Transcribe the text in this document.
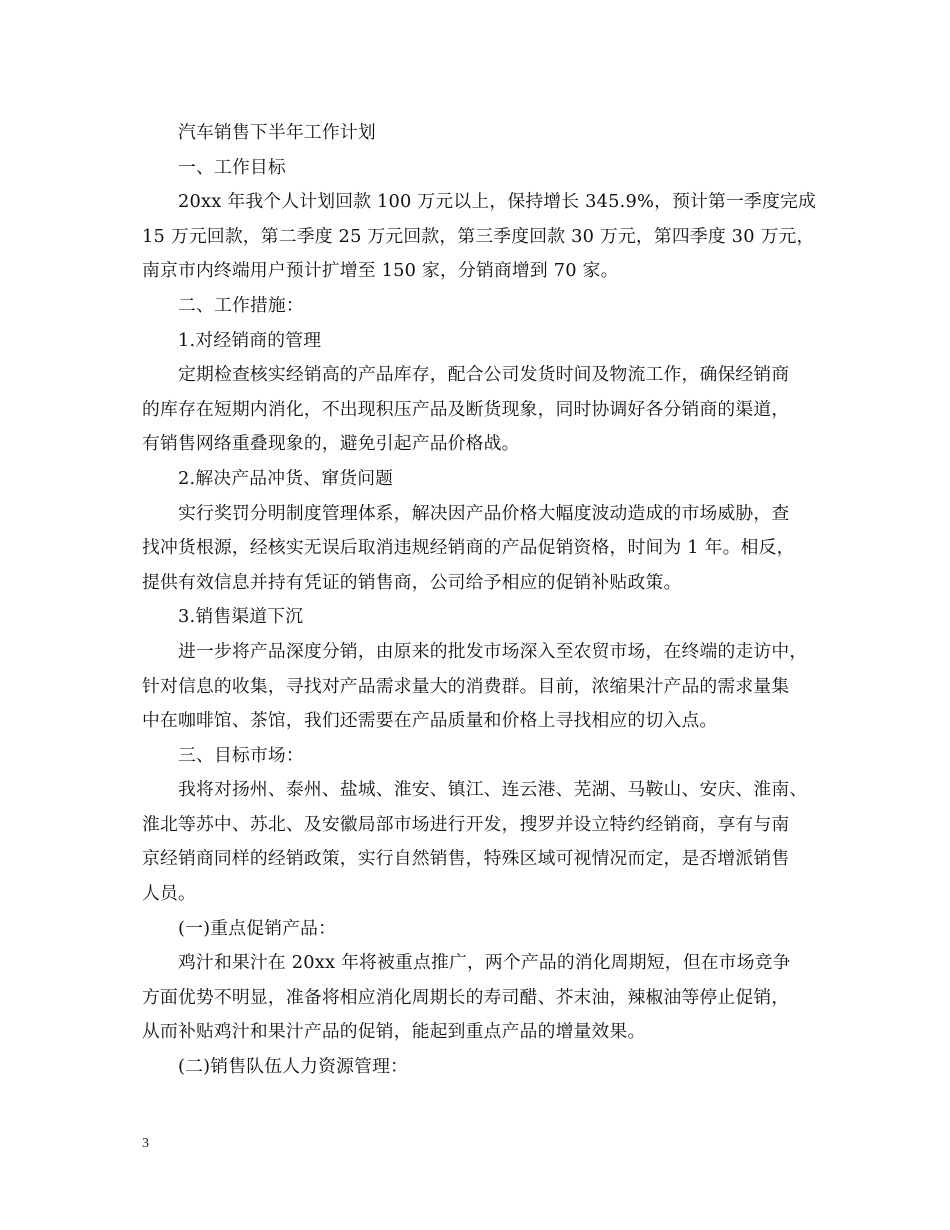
汽车销售下半年工作计划
一、工作目标
20xx 年我个人计划回款 100 万元以上，保持增长 345.9%，预计第一季度完成
15 万元回款，第二季度 25 万元回款，第三季度回款 30 万元，第四季度 30 万元，
南京市内终端用户预计扩增至 150 家，分销商增到 70 家。
二、工作措施：
1.对经销商的管理
定期检查核实经销高的产品库存，配合公司发货时间及物流工作，确保经销商
的库存在短期内消化，不出现积压产品及断货现象，同时协调好各分销商的渠道，
有销售网络重叠现象的，避免引起产品价格战。
2.解决产品冲货、窜货问题
实行奖罚分明制度管理体系，解决因产品价格大幅度波动造成的市场威胁，查
找冲货根源，经核实无误后取消违规经销商的产品促销资格，时间为 1 年。相反，
提供有效信息并持有凭证的销售商，公司给予相应的促销补贴政策。
3.销售渠道下沉
进一步将产品深度分销，由原来的批发市场深入至农贸市场，在终端的走访中，
针对信息的收集，寻找对产品需求量大的消费群。目前，浓缩果汁产品的需求量集
中在咖啡馆、茶馆，我们还需要在产品质量和价格上寻找相应的切入点。
三、目标市场：
我将对扬州、泰州、盐城、淮安、镇江、连云港、芜湖、马鞍山、安庆、淮南、
淮北等苏中、苏北、及安徽局部市场进行开发，搜罗并设立特约经销商，享有与南
京经销商同样的经销政策，实行自然销售，特殊区域可视情况而定，是否增派销售
人员。
(一)重点促销产品：
鸡汁和果汁在 20xx 年将被重点推广，两个产品的消化周期短，但在市场竞争
方面优势不明显，准备将相应消化周期长的寿司醋、芥末油，辣椒油等停止促销，
从而补贴鸡汁和果汁产品的促销，能起到重点产品的增量效果。
(二)销售队伍人力资源管理：
3
